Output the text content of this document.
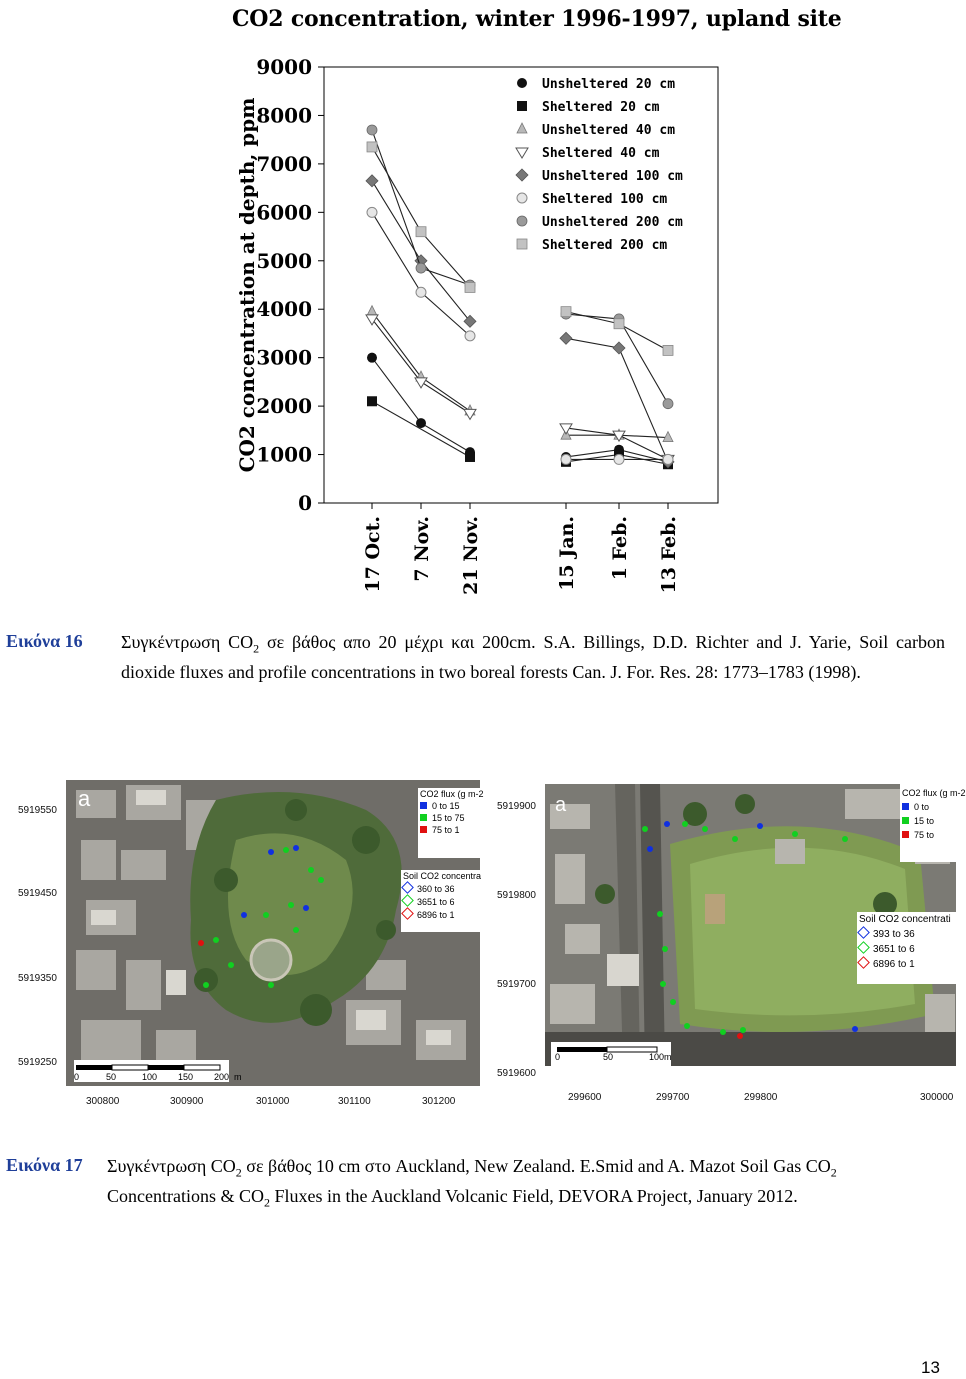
CO2 concentration, winter 1996-1997, upland site
0
1000
2000
3000
4000
5000
6000
7000
8000
9000
17 Oct. 7 Nov. 21 Nov.	15 Jan. 1 Feb. 13 Feb.
CO2 concentration at depth, ppm
Unsheltered 20 cm
Sheltered 20 cm
Unsheltered 40 cm
Sheltered 40 cm
Unsheltered 100 cm
Sheltered 100 cm
Unsheltered 200 cm
Sheltered 200 cm
Εικόνα 16 Συγκέντρωση $CO_2$ σε βάθος απο 20 μέχρι και 200cm. S.A. Billings, D.D. Richter and J. Yarie, Soil carbon dioxide fluxes and profile concentrations in two boreal forests Can. J. For. Res. 28: 1773–1783 (1998).
a	CO2 flux (g m-2
0 to 15
15 to 75
75 to 1
Soil CO2 concentra
360 to 36
3651 to 6
6896 to 1
0	50	100 150 200 m
5919550
5919450
5919350
5919250
300800	300900	301000	301100	301200
a
CO2 flux (g m-2
0 to
15 to
75 to
Soil CO2 concentrati
393 to 36
3651 to 6
6896 to 1
0	50	100m
5919900
5919800
5919700
5919600
299600	299700	299800	300000
Εικόνα 17 Συγκέντρωση $CO_2$ σε βάθος 10 cm στο Auckland, New Zealand. E.Smid and A. Mazot Soil Gas $CO_2$
Concentrations & $CO_2$ Fluxes in the Auckland Volcanic Field, DEVORA Project, January 2012.
13
